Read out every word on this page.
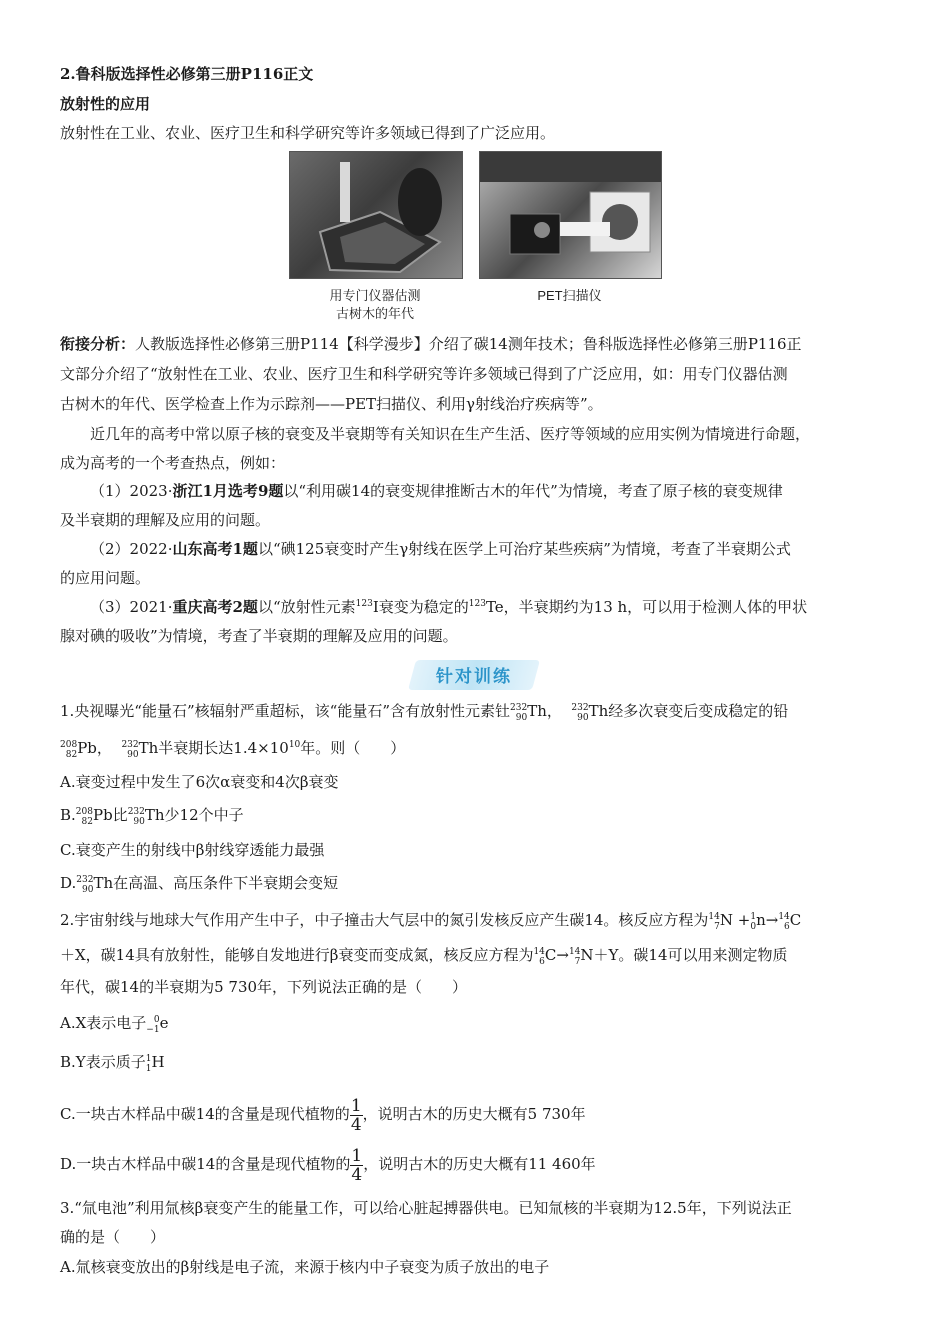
2.鲁科版选择性必修第三册P116正文
放射性的应用
放射性在工业、农业、医疗卫生和科学研究等许多领域已得到了广泛应用。
用专门仪器估测
古树木的年代
PET扫描仪
衔接分析：人教版选择性必修第三册P114【科学漫步】介绍了碳14测年技术；鲁科版选择性必修第三册P116正
文部分介绍了“放射性在工业、农业、医疗卫生和科学研究等许多领域已得到了广泛应用，如：用专门仪器估测
古树木的年代、医学检查上作为示踪剂——PET扫描仪、利用γ射线治疗疾病等”。
近几年的高考中常以原子核的衰变及半衰期等有关知识在生产生活、医疗等领域的应用实例为情境进行命题，
成为高考的一个考查热点，例如：
（1）2023·浙江1月选考9题以“利用碳14的衰变规律推断古木的年代”为情境，考查了原子核的衰变规律
及半衰期的理解及应用的问题。
（2）2022·山东高考1题以“碘125衰变时产生γ射线在医学上可治疗某些疾病”为情境，考查了半衰期公式
的应用问题。
（3）2021·重庆高考2题以“放射性元素$^{123}$I衰变为稳定的$^{123}$Te，半衰期约为13 h，可以用于检测人体的甲状
腺对碘的吸收”为情境，考查了半衰期的理解及应用的问题。
针对训练
1.央视曝光“能量石”核辐射严重超标，该“能量石”含有放射性元素钍 232
90 Th， 232
90 Th经多次衰变后变成稳定的铅
208
82 Pb， 232
90 Th半衰期长达$1.4\times 10^{10}$年。则（　　）
A.衰变过程中发生了6次α衰变和4次β衰变
B. 208
82 Pb比 232
90 Th少12个中子
C.衰变产生的射线中β射线穿透能力最强
D. 232
90 Th在高温、高压条件下半衰期会变短
2.宇宙射线与地球大气作用产生中子，中子撞击大气层中的氮引发核反应产生碳14。核反应方程为 14
7 N + 1
0 n→ 14
6 C
＋X，碳14具有放射性，能够自发地进行β衰变而变成氮，核反应方程为 14
6 C→ 14
7 N＋Y。碳14可以用来测定物质
年代，碳14的半衰期为5 730年，下列说法正确的是（　　）
A.X表示电子 0
−1 e
B.Y表示质子 1
1 H
C.一块古木样品中碳14的含量是现代植物的 $\frac{1}{4}$ ，说明古木的历史大概有5 730年
D.一块古木样品中碳14的含量是现代植物的 $\frac{1}{4}$ ，说明古木的历史大概有11 460年
3.“氚电池”利用氚核β衰变产生的能量工作，可以给心脏起搏器供电。已知氚核的半衰期为12.5年，下列说法正
确的是（　　）
A.氚核衰变放出的β射线是电子流，来源于核内中子衰变为质子放出的电子
